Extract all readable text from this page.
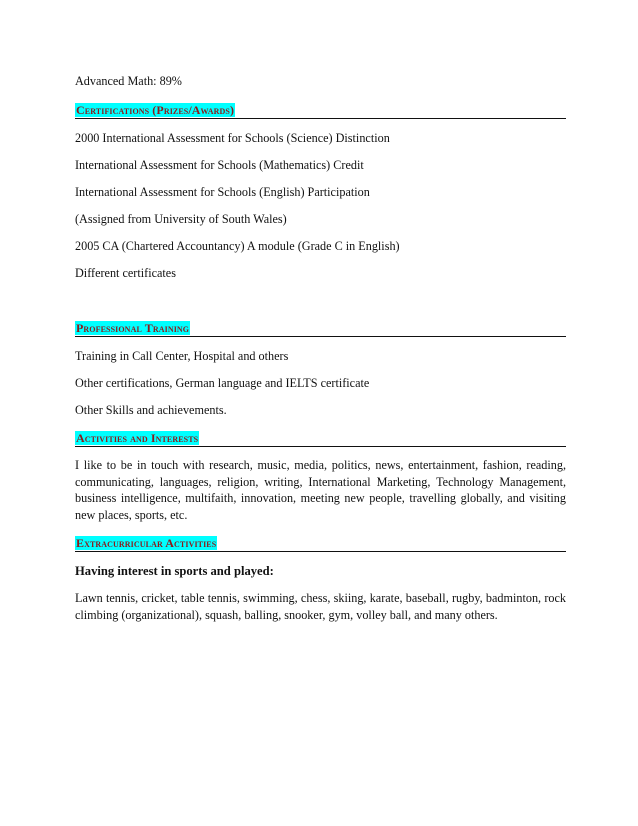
Advanced Math: 89%
Certifications (Prizes/Awards)
2000 International Assessment for Schools (Science) Distinction
International Assessment for Schools (Mathematics) Credit
International Assessment for Schools (English) Participation
(Assigned from University of South Wales)
2005 CA (Chartered Accountancy) A module (Grade C in English)
Different certificates
Professional Training
Training in Call Center, Hospital and others
Other certifications, German language and IELTS certificate
Other Skills and achievements.
Activities and Interests
I like to be in touch with research, music, media, politics, news, entertainment, fashion, reading, communicating, languages, religion, writing, International Marketing, Technology Management, business intelligence, multifaith, innovation, meeting new people, travelling globally, and visiting new places, sports, etc.
Extracurricular Activities
Having interest in sports and played:
Lawn tennis, cricket, table tennis, swimming, chess, skiing, karate, baseball, rugby, badminton, rock climbing (organizational), squash, balling, snooker, gym, volley ball, and many others.
